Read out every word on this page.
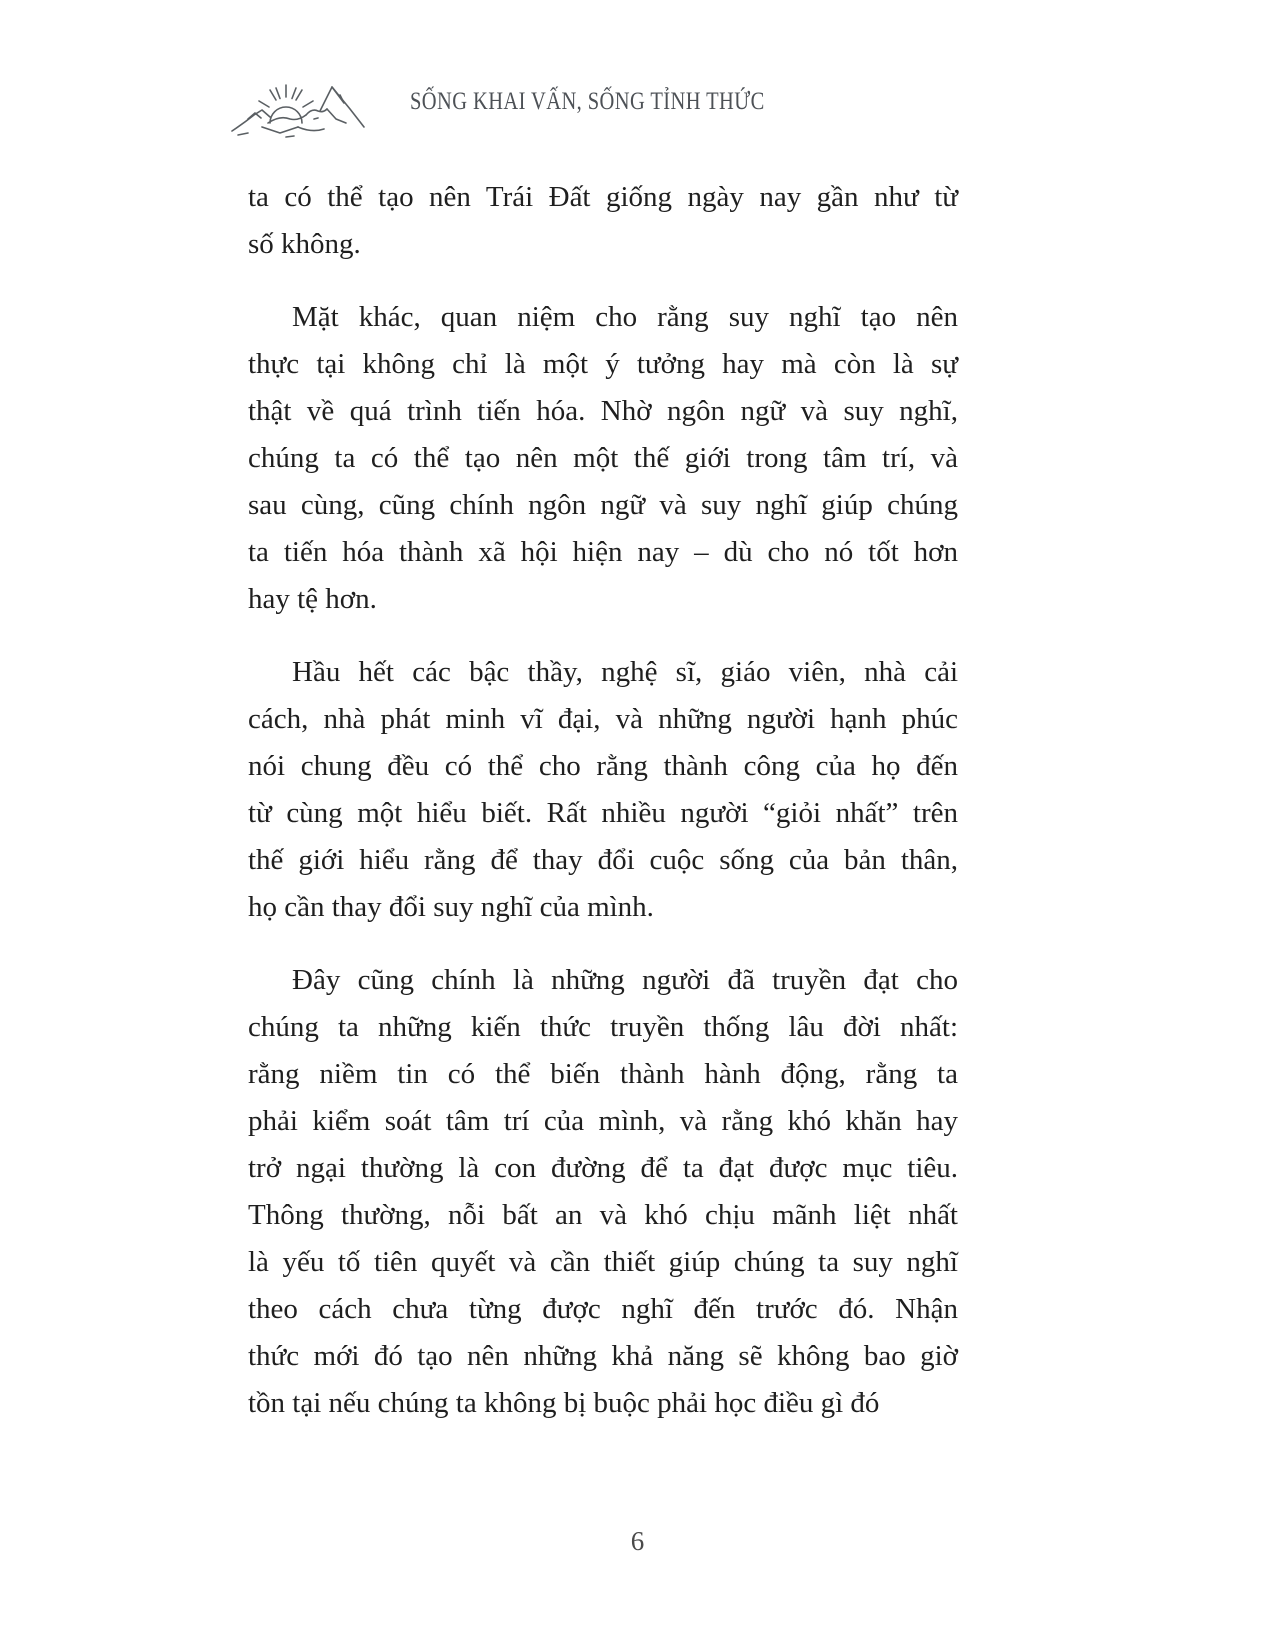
SỐNG KHAI VẤN, SỐNG TỈNH THỨC
ta có thể tạo nên Trái Đất giống ngày nay gần như từ
số không.
Mặt khác, quan niệm cho rằng suy nghĩ tạo nên
thực tại không chỉ là một ý tưởng hay mà còn là sự
thật về quá trình tiến hóa. Nhờ ngôn ngữ và suy nghĩ,
chúng ta có thể tạo nên một thế giới trong tâm trí, và
sau cùng, cũng chính ngôn ngữ và suy nghĩ giúp chúng
ta tiến hóa thành xã hội hiện nay – dù cho nó tốt hơn
hay tệ hơn.
Hầu hết các bậc thầy, nghệ sĩ, giáo viên, nhà cải
cách, nhà phát minh vĩ đại, và những người hạnh phúc
nói chung đều có thể cho rằng thành công của họ đến
từ cùng một hiểu biết. Rất nhiều người “giỏi nhất” trên
thế giới hiểu rằng để thay đổi cuộc sống của bản thân,
họ cần thay đổi suy nghĩ của mình.
Đây cũng chính là những người đã truyền đạt cho
chúng ta những kiến thức truyền thống lâu đời nhất:
rằng niềm tin có thể biến thành hành động, rằng ta
phải kiểm soát tâm trí của mình, và rằng khó khăn hay
trở ngại thường là con đường để ta đạt được mục tiêu.
Thông thường, nỗi bất an và khó chịu mãnh liệt nhất
là yếu tố tiên quyết và cần thiết giúp chúng ta suy nghĩ
theo cách chưa từng được nghĩ đến trước đó. Nhận
thức mới đó tạo nên những khả năng sẽ không bao giờ
tồn tại nếu chúng ta không bị buộc phải học điều gì đó
6
